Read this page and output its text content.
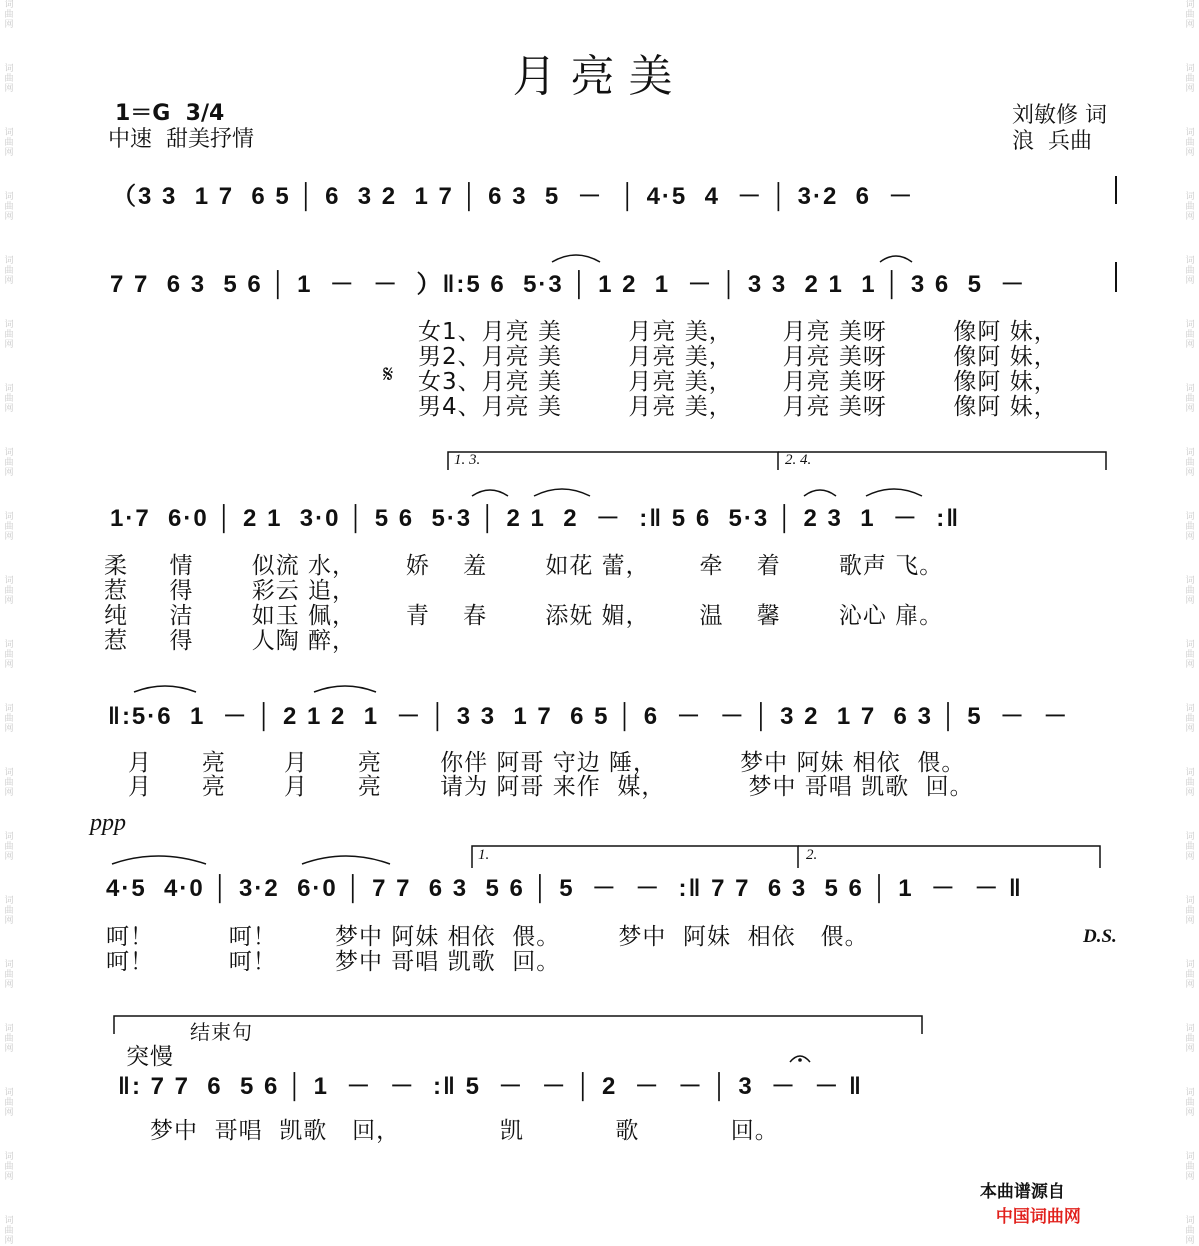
词曲网
词曲网
词曲网
词曲网
词曲网
词曲网
词曲网
词曲网
词曲网
词曲网
词曲网
词曲网
词曲网
词曲网
词曲网
词曲网
词曲网
词曲网
词曲网
词曲网
词曲网
词曲网
词曲网
词曲网
词曲网
词曲网
词曲网
词曲网
词曲网
词曲网
词曲网
词曲网
词曲网
词曲网
词曲网
词曲网
词曲网
词曲网
词曲网
词曲网
月亮美
1＝G  3/4
中速  甜美抒情
刘敏修 词
浪  兵曲
（3 3  1 7  6 5 │ 6  3 2  1 7 │ 6 3  5  －  │ 4·5  4  － │ 3·2  6  －
7 7  6 3  5 6 │ 1  －  －  ）‖:5 6  5·3 │ 1 2  1  － │ 3 3  2 1  1 │ 3 6  5  －
𝄋
女1、月亮 美        月亮 美，      月亮 美呀        像阿 妹，
男2、月亮 美        月亮 美，      月亮 美呀        像阿 妹，
女3、月亮 美        月亮 美，      月亮 美呀        像阿 妹，
男4、月亮 美        月亮 美，      月亮 美呀        像阿 妹，
1. 3.	2. 4.
1·7  6·0 │ 2 1  3·0 │ 5 6  5·3 │ 2 1  2  －  :‖ 5 6  5·3 │ 2 3  1  －  :‖
柔     情       似流 水，      娇    羞       如花 蕾，      牵    着       歌声 飞。
惹     得       彩云 追，
纯     洁       如玉 佩，      青    春       添妩 媚，      温    馨       沁心 扉。
惹     得       人陶 醉，
‖:5·6  1  － │ 2 1 2  1  － │ 3 3  1 7  6 5 │ 6  －  － │ 3 2  1 7  6 3 │ 5  －  －
月      亮       月      亮       你伴 阿哥 守边 陲，          梦中 阿妹 相依  偎。
月      亮       月      亮       请为 阿哥 来作  媒，          梦中 哥唱 凯歌  回。
ppp
1.	2.
4·5  4·0 │ 3·2  6·0 │ 7 7  6 3  5 6 │ 5  －  －  :‖ 7 7  6 3  5 6 │ 1  －  － ‖
呵！         呵！       梦中 阿妹 相依  偎。       梦中  阿妹  相依   偎。
呵！         呵！       梦中 哥唱 凯歌  回。
D.S.
结束句
突慢
‖: 7 7  6  5 6 │ 1  －  －  :‖ 5  －  － │ 2  －  － │ 3  －  － ‖
梦中  哥唱  凯歌   回，            凯           歌           回。

本曲谱源自
中国词曲网
